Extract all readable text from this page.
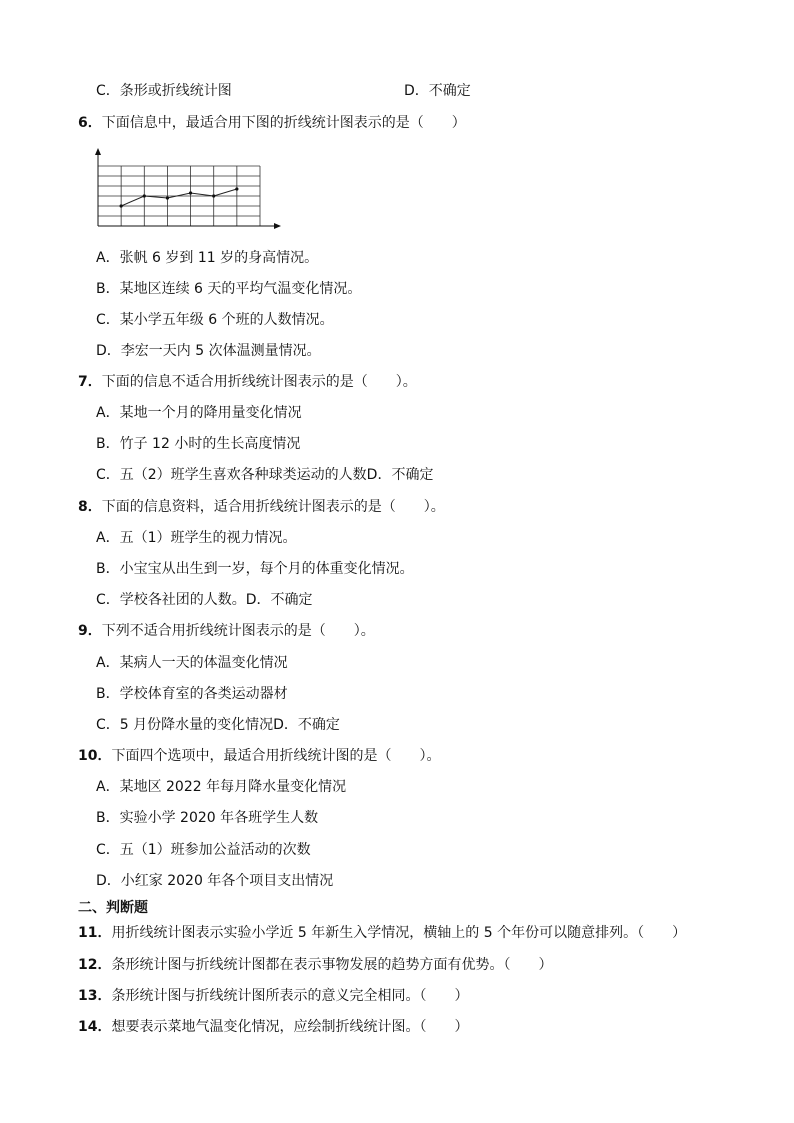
C．条形或折线统计图	D．不确定
6．下面信息中，最适合用下图的折线统计图表示的是（　　）
A．张帆 6 岁到 11 岁的身高情况。
B．某地区连续 6 天的平均气温变化情况。
C．某小学五年级 6 个班的人数情况。
D．李宏一天内 5 次体温测量情况。
7．下面的信息不适合用折线统计图表示的是（　　）。
A．某地一个月的降用量变化情况
B．竹子 12 小时的生长高度情况
C．五（2）班学生喜欢各种球类运动的人数D．不确定
8．下面的信息资料，适合用折线统计图表示的是（　　）。
A．五（1）班学生的视力情况。
B．小宝宝从出生到一岁，每个月的体重变化情况。
C．学校各社团的人数。D．不确定
9．下列不适合用折线统计图表示的是（　　）。
A．某病人一天的体温变化情况
B．学校体育室的各类运动器材
C．5 月份降水量的变化情况D．不确定
10．下面四个选项中，最适合用折线统计图的是（　　）。
A．某地区 2022 年每月降水量变化情况
B．实验小学 2020 年各班学生人数
C．五（1）班参加公益活动的次数
D．小红家 2020 年各个项目支出情况
二、判断题
11．用折线统计图表示实验小学近 5 年新生入学情况，横轴上的 5 个年份可以随意排列。（　　）
12．条形统计图与折线统计图都在表示事物发展的趋势方面有优势。（　　）
13．条形统计图与折线统计图所表示的意义完全相同。（　　）
14．想要表示菜地气温变化情况，应绘制折线统计图。（　　）
